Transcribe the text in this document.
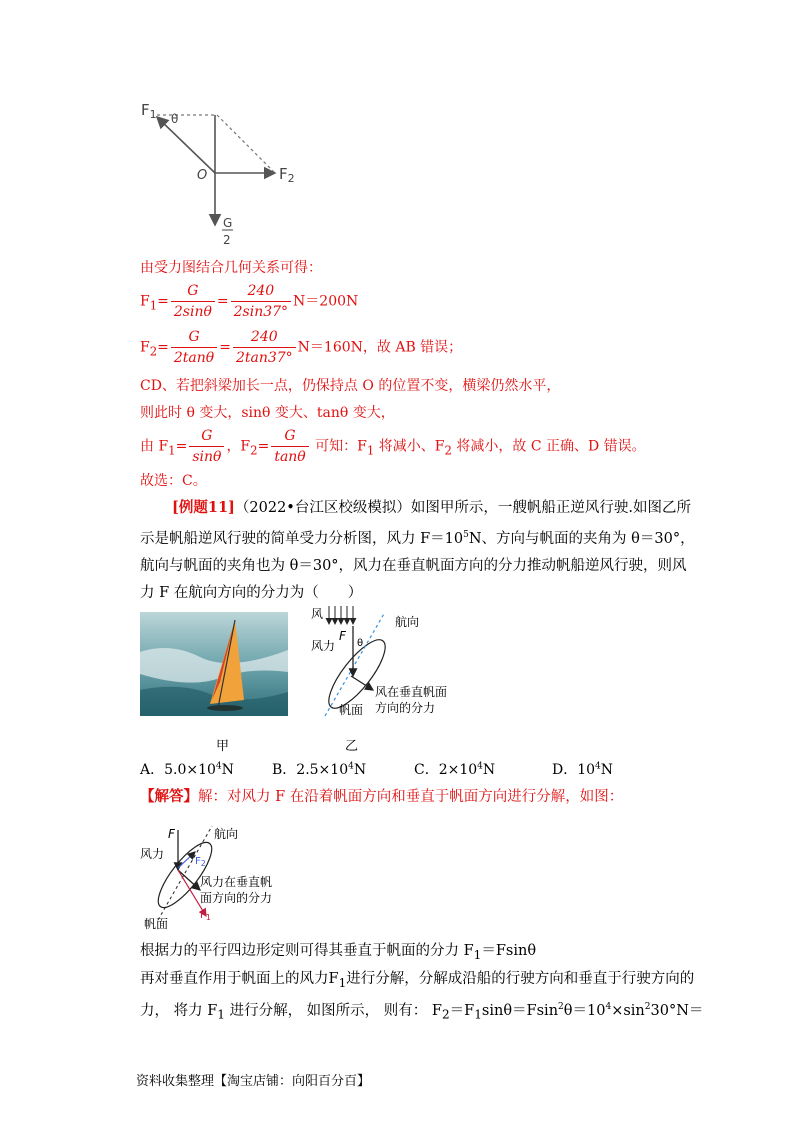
$F_1$ θ
O	$F_2$
G
2
由受力图结合几何关系可得：
$F_1= \frac{G}{2\sin\theta} = \frac{240}{2\sin 37^\circ} N=200N$
$F_2= \frac{G}{2\tan\theta} = \frac{240}{2\tan 37^\circ} N=160N$，故 AB 错误；
CD、若把斜梁加长一点，仍保持点 O 的位置不变，横梁仍然水平，
则此时 θ 变大，sinθ 变大、tanθ 变大，
由 $F_1= \frac{G}{\sin\theta}$ ，$F_2= \frac{G}{\tan\theta}$ 可知：$F_1$ 将减小、$F_2$ 将减小，故 C 正确、D 错误。
故选：C。
[例题11]（2022•台江区校级模拟）如图甲所示，一艘帆船正逆风行驶.如图乙所
示是帆船逆风行驶的简单受力分析图，风力 $F=10^5N$、方向与帆面的夹角为 θ＝30°，
航向与帆面的夹角也为 θ＝30°，风力在垂直帆面方向的分力推动帆船逆风行驶，则风
力 F 在航向方向的分力为（　　）
甲
风
风力
F
θ
航向
风在垂直帆面
方向的分力
帆面
乙
A．$5.0\times 10^4N$	B．$2.5\times 10^4N$	C．$2\times 10^4N$	D．$10^4N$
【解答】解：对风力 F 在沿着帆面方向和垂直于帆面方向进行分解，如图：
F	航向
风力
$F_2$
风力在垂直帆
面方向的分力
$F_1$
帆面
根据力的平行四边形定则可得其垂直于帆面的分力 $F_1=Fsin\theta$
再对垂直作用于帆面上的风力$F_1$进行分解，分解成沿船的行驶方向和垂直于行驶方向的
力， 将力 $F_1$ 进行分解， 如图所示， 则有： $F_2=F_1\sin\theta=Fsin^2\theta=10^4\times\sin^230^\circ N=$
资料收集整理【淘宝店铺：向阳百分百】
